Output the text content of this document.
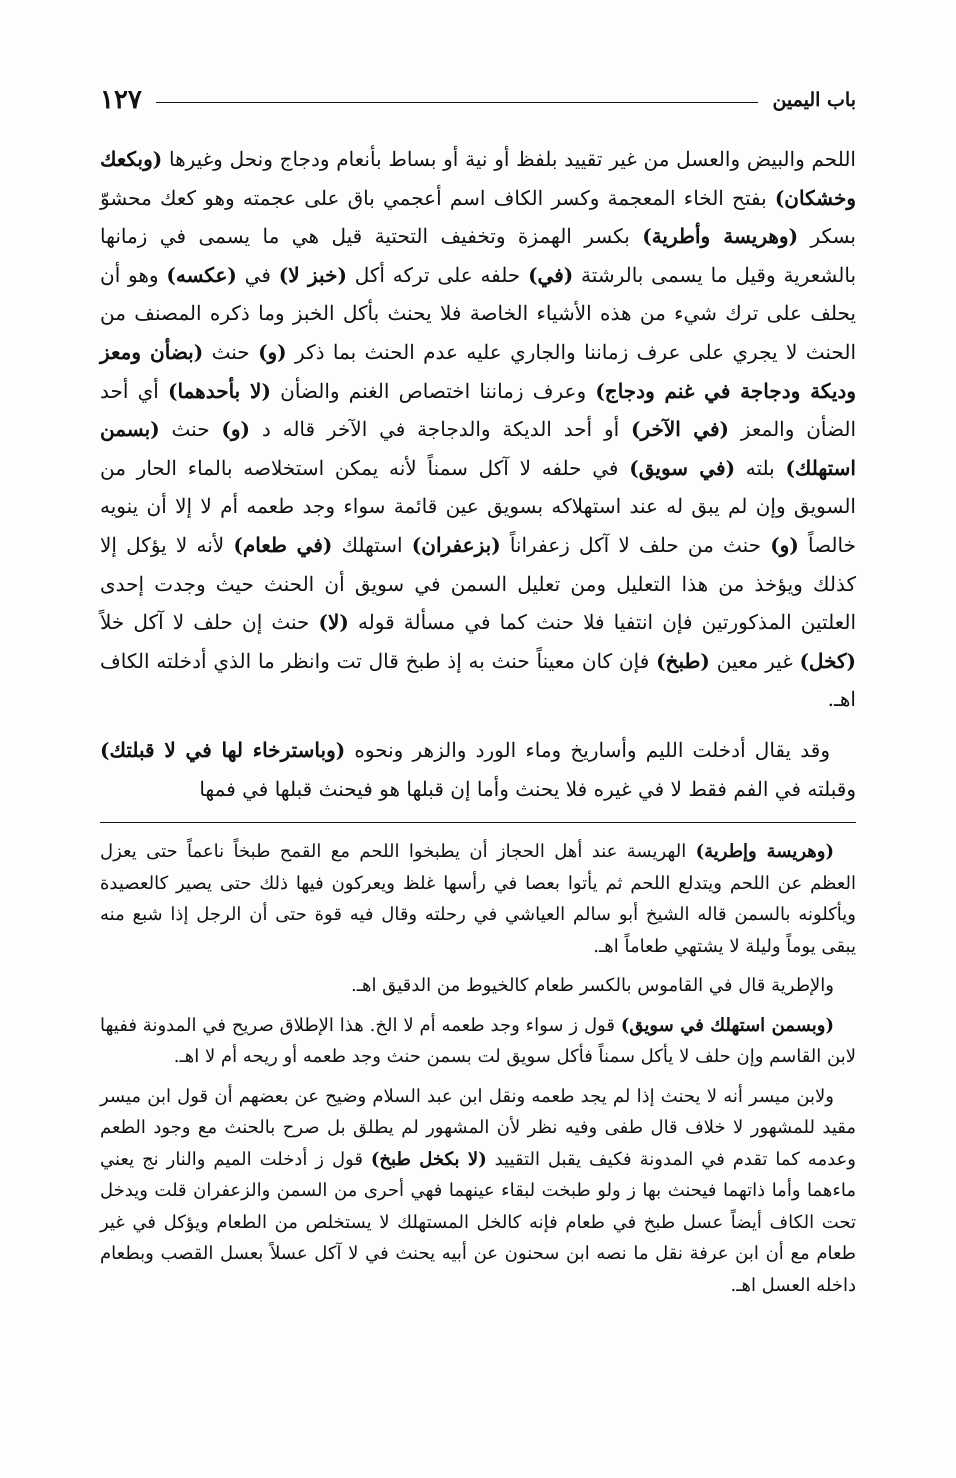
باب اليمين
١٢٧

اللحم والبيض والعسل من غير تقييد بلفظ أو نية أو بساط بأنعام ودجاج ونحل وغيرها (وبكعك وخشكان) بفتح الخاء المعجمة وكسر الكاف اسم أعجمي باق على عجمته وهو كعك محشوّ بسكر (وهريسة وأطرية) بكسر الهمزة وتخفيف التحتية قيل هي ما يسمى في زمانها بالشعرية وقيل ما يسمى بالرشتة (في) حلفه على تركه أكل (خبز لا) في (عكسه) وهو أن يحلف على ترك شيء من هذه الأشياء الخاصة فلا يحنث بأكل الخبز وما ذكره المصنف من الحنث لا يجري على عرف زماننا والجاري عليه عدم الحنث بما ذكر (و) حنث (بضأن ومعز وديكة ودجاجة في غنم ودجاج) وعرف زماننا اختصاص الغنم والضأن (لا بأحدهما) أي أحد الضأن والمعز (في الآخر) أو أحد الديكة والدجاجة في الآخر قاله د (و) حنث (بسمن استهلك) بلته (في سويق) في حلفه لا آكل سمناً لأنه يمكن استخلاصه بالماء الحار من السويق وإن لم يبق له عند استهلاكه بسويق عين قائمة سواء وجد طعمه أم لا إلا أن ينويه خالصاً (و) حنث من حلف لا آكل زعفراناً (بزعفران) استهلك (في طعام) لأنه لا يؤكل إلا كذلك ويؤخذ من هذا التعليل ومن تعليل السمن في سويق أن الحنث حيث وجدت إحدى العلتين المذكورتين فإن انتفيا فلا حنث كما في مسألة قوله (لا) حنث إن حلف لا آكل خلاً (كخل) غير معين (طبخ) فإن كان معيناً حنث به إذ طبخ قال تت وانظر ما الذي أدخلته الكاف اهـ.

وقد يقال أدخلت الليم وأساريخ وماء الورد والزهر ونحوه (وباسترخاء لها في لا قبلتك) وقبلته في الفم فقط لا في غيره فلا يحنث وأما إن قبلها هو فيحنث قبلها في فمها

(وهريسة وإطرية) الهريسة عند أهل الحجاز أن يطبخوا اللحم مع القمح طبخاً ناعماً حتى يعزل العظم عن اللحم ويتدلع اللحم ثم يأتوا بعصا في رأسها غلظ ويعركون فيها ذلك حتى يصير كالعصيدة ويأكلونه بالسمن قاله الشيخ أبو سالم العياشي في رحلته وقال فيه قوة حتى أن الرجل إذا شبع منه يبقى يوماً وليلة لا يشتهي طعاماً اهـ.

والإطرية قال في القاموس بالكسر طعام كالخيوط من الدقيق اهـ.

(وبسمن استهلك في سويق) قول ز سواء وجد طعمه أم لا الخ. هذا الإطلاق صريح في المدونة ففيها لابن القاسم وإن حلف لا يأكل سمناً فأكل سويق لت بسمن حنث وجد طعمه أو ريحه أم لا اهـ.

ولابن ميسر أنه لا يحنث إذا لم يجد طعمه ونقل ابن عبد السلام وضيح عن بعضهم أن قول ابن ميسر مقيد للمشهور لا خلاف قال طفى وفيه نظر لأن المشهور لم يطلق بل صرح بالحنث مع وجود الطعم وعدمه كما تقدم في المدونة فكيف يقبل التقييد (لا بكخل طبخ) قول ز أدخلت الميم والنار نج يعني ماءهما وأما ذاتهما فيحنث بها ز ولو طبخت لبقاء عينهما فهي أحرى من السمن والزعفران قلت ويدخل تحت الكاف أيضاً عسل طبخ في طعام فإنه كالخل المستهلك لا يستخلص من الطعام ويؤكل في غير طعام مع أن ابن عرفة نقل ما نصه ابن سحنون عن أبيه يحنث في لا آكل عسلاً بعسل القصب وبطعام داخله العسل اهـ.
